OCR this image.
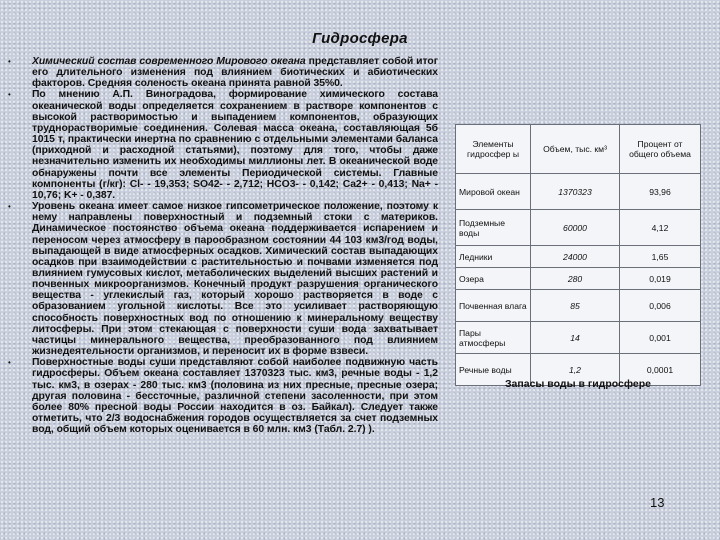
Гидросфера
• Химический состав современного Мирового океана представляет собой итог его длительного изменения под влиянием биотических и абиотических факторов. Средняя соленость океана принята равной 35%0.
• По мнению А.П. Виноградова, формирование химического состава океанической воды определяется сохранением в растворе компонентов с высокой растворимостью и выпадением компонентов, образующих труднорастворимые соединения. Солевая масса океана, составляющая 5б 1015 т, практически инертна по сравнению с отдельными элементами баланса (приходной и расходной статьями), поэтому для того, чтобы даже незначительно изменить их необходимы миллионы лет. В океанической воде обнаружены почти все элементы Периодической системы. Главные компоненты (г/кг): Cl- - 19,353; SO42- - 2,712; HCO3- - 0,142; Ca2+ - 0,413; Na+ - 10,76; K+ - 0,387.
• Уровень океана имеет самое низкое гипсометрическое положение, поэтому к нему направлены поверхностный и подземный стоки с материков. Динамическое постоянство объема океана поддерживается испарением и переносом через атмосферу в парообразном состоянии 44 103 км3/год воды, выпадающей в виде атмосферных осадков. Химический состав выпадающих осадков при взаимодействии с растительностью и почвами изменяется под влиянием гумусовых кислот, метаболических выделений высших растений и почвенных микроорганизмов. Конечный продукт разрушения органического вещества - углекислый газ, который хорошо растворяется в воде с образованием угольной кислоты. Все это усиливает растворяющую способность поверхностных вод по отношению к минеральному веществу литосферы. При этом стекающая с поверхности суши вода захватывает частицы минерального вещества, преобразованного под влиянием жизнедеятельности организмов, и переносит их в форме взвеси.
• Поверхностные воды суши представляют собой наиболее подвижную часть гидросферы. Объем океана составляет 1370323 тыс. км3, речные воды - 1,2 тыс. км3, в озерах - 280 тыс. км3 (половина из них пресные, пресные озера; другая половина - бессточные, различной степени засоленности, при этом более 80% пресной воды России находится в оз. Байкал). Следует также отметить, что 2/3 водоснабжения городов осуществляется за счет подземных вод, общий объем которых оценивается в 60 млн. км3 (Табл. 2.7) ).
Элементы гидросфер ы	Объем, тыс. км³	Процент от общего объема
Мировой океан	1370323	93,96
Подземные воды	60000	4,12
Ледники	24000	1,65
Озера	280	0,019
Почвенная влага	85	0,006
Пары атмосферы	14	0,001
Речные воды	1,2	0,0001
Запасы воды в гидросфере
13
